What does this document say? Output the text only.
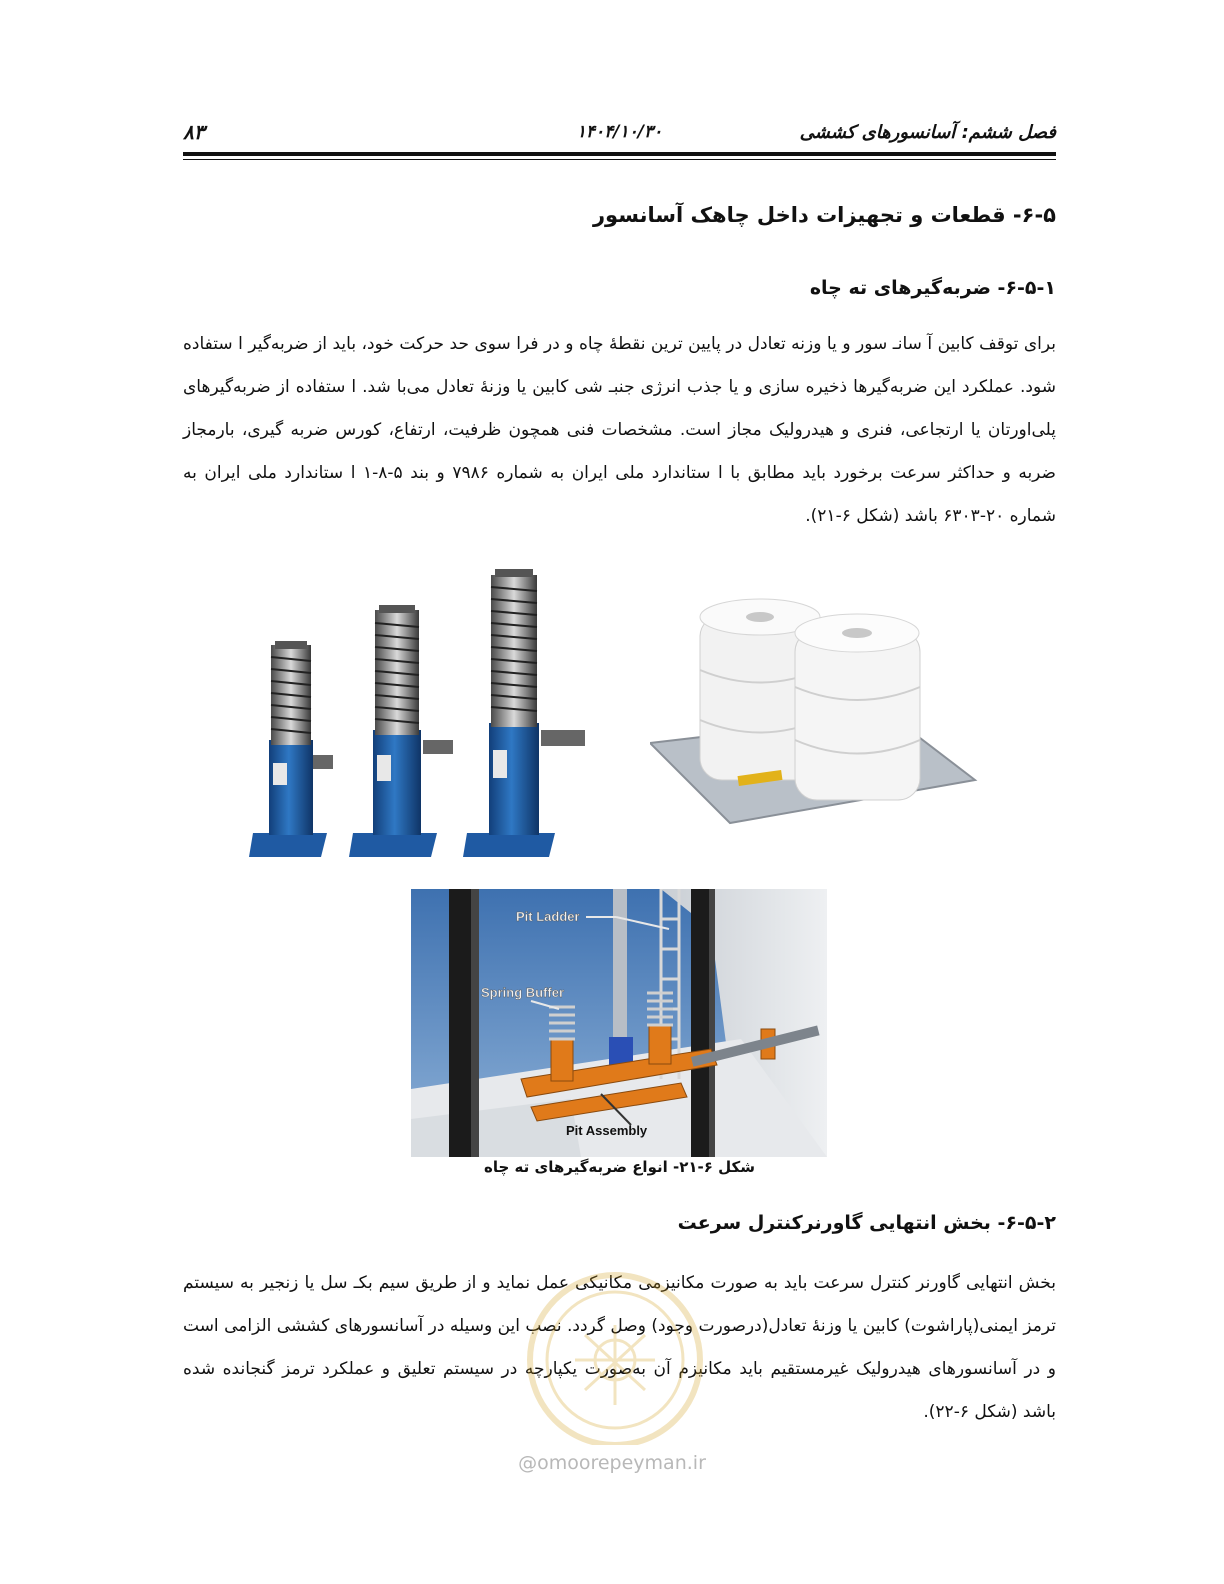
فصل ششم: آسانسورهای کششی
۱۴۰۴/۱۰/۳۰
۸۳
۶-۵- قطعات و تجهیزات داخل چاهک آسانسور
۶-۵-۱- ضربه‌گیرهای ته چاه
برای توقف کابین آ سانـ سور و یا وزنه تعادل در پایین ترین نقطهٔ چاه و در فرا سوی حد حرکت خود، باید از ضربه‌گیر ا ستفاده شود. عملکرد این ضربه‌گیرها ذخیره سازی و یا جذب انرژی جنبـ شی کابین یا وزنهٔ تعادل می‌با شد. ا ستفاده از ضربه‌گیرهای پلی‌اورتان یا ارتجاعی، فنری و هیدرولیک مجاز است. مشخصات فنی همچون ظرفیت، ارتفاع، کورس ضربه گیری، بارمجاز ضربه و حداکثر سرعت برخورد باید مطابق با ا ستاندارد ملی ایران به شماره ۷۹۸۶ و بند ۵-۸-۱ ا ستاندارد ملی ایران به شماره ۲۰-۶۳۰۳ باشد (شکل ۶-۲۱).
Pit Ladder
Spring Buffer
Pit Assembly
شکل ۶-۲۱- انواع ضربه‌گیرهای ته چاه
۶-۵-۲- بخش انتهایی گاورنرکنترل سرعت
بخش انتهایی گاورنر کنترل سرعت باید به صورت مکانیزمی مکانیکی عمل نماید و از طریق سیم بکـ سل یا زنجیر به سیستم ترمز ایمنی(پاراشوت) کابین یا وزنهٔ تعادل(درصورت وجود) وصل گردد. نصب این وسیله در آسانسورهای کششی الزامی است و در آسانسورهای هیدرولیک غیرمستقیم باید مکانیزم آن به‌صورت یکپارچه در سیستم تعلیق و عملکرد ترمز گنجانده شده باشد (شکل ۶-۲۲).
@omoorepeyman.ir
